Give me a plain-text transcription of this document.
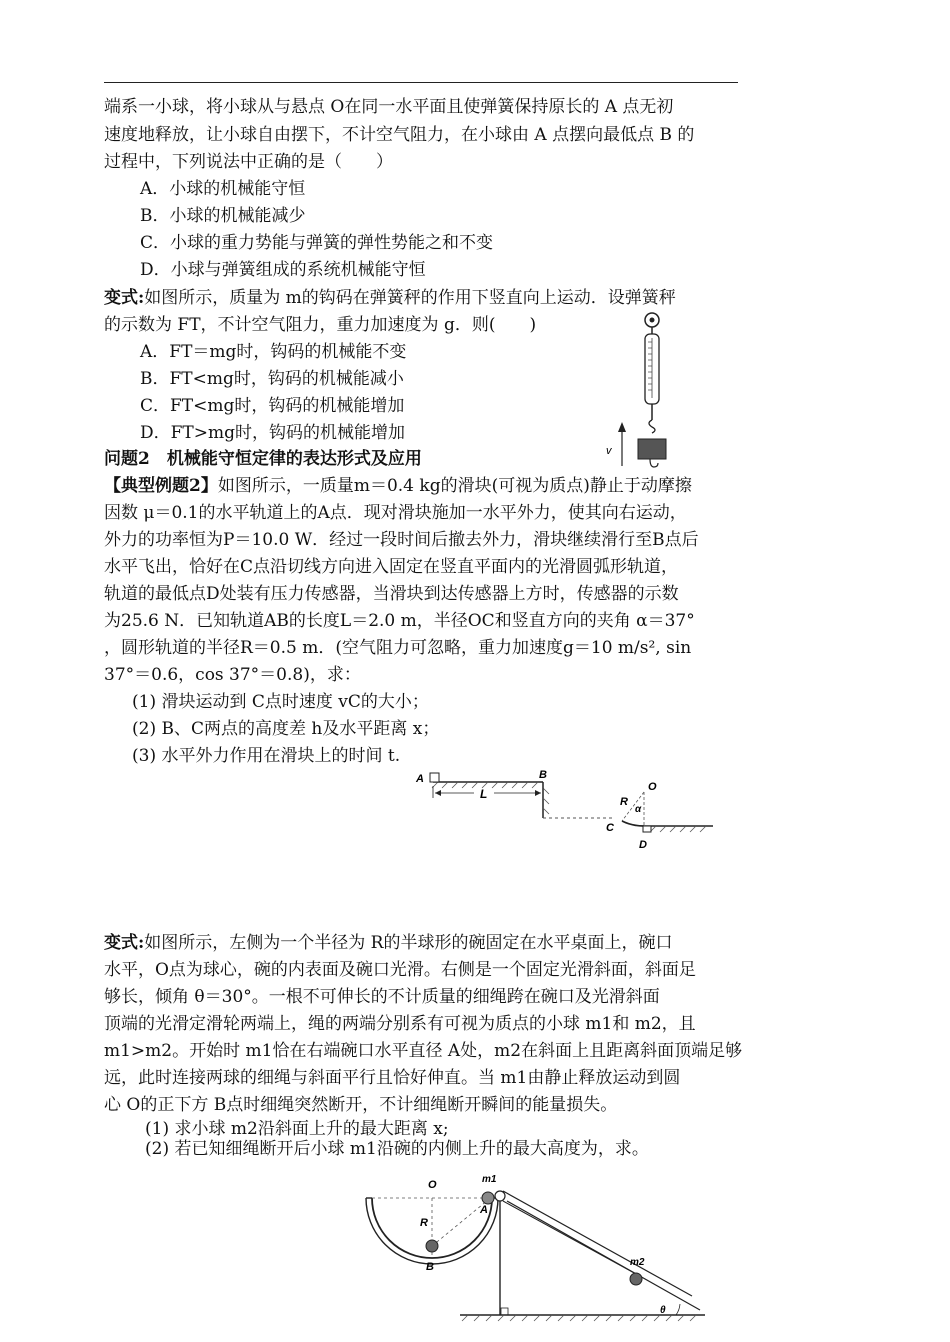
端系一小球，将小球从与悬点 O在同一水平面且使弹簧保持原长的 A 点无初
速度地释放，让小球自由摆下，不计空气阻力，在小球由 A 点摆向最低点 B 的
过程中，下列说法中正确的是（　　）
A．小球的机械能守恒
B．小球的机械能减少
C．小球的重力势能与弹簧的弹性势能之和不变
D．小球与弹簧组成的系统机械能守恒
变式:如图所示，质量为 m的钩码在弹簧秤的作用下竖直向上运动．设弹簧秤
的示数为 FT，不计空气阻力，重力加速度为 g．则(　　)
A．FT＝mg时，钩码的机械能不变
B．FT<mg时，钩码的机械能减小
C．FT<mg时，钩码的机械能增加
D．FT>mg时，钩码的机械能增加
v
问题2　机械能守恒定律的表达形式及应用
【典型例题2】如图所示，一质量m＝0.4 kg的滑块(可视为质点)静止于动摩擦
因数 μ＝0.1的水平轨道上的A点．现对滑块施加一水平外力，使其向右运动，
外力的功率恒为P＝10.0 W．经过一段时间后撤去外力，滑块继续滑行至B点后
水平飞出，恰好在C点沿切线方向进入固定在竖直平面内的光滑圆弧形轨道，
轨道的最低点D处装有压力传感器，当滑块到达传感器上方时，传感器的示数
为25.6 N．已知轨道AB的长度L＝2.0 m，半径OC和竖直方向的夹角 α＝37°
，圆形轨道的半径R＝0.5 m．(空气阻力可忽略，重力加速度g＝10 m/s², sin
37°＝0.6，cos 37°＝0.8)，求：
(1) 滑块运动到 C点时速度 vC的大小；
(2) B、C两点的高度差 h及水平距离 x；
(3) 水平外力作用在滑块上的时间 t.
L
A	B
O
R
α
C
D
变式:如图所示，左侧为一个半径为 R的半球形的碗固定在水平桌面上，碗口
水平，O点为球心，碗的内表面及碗口光滑。右侧是一个固定光滑斜面，斜面足
够长，倾角 θ＝30°。一根不可伸长的不计质量的细绳跨在碗口及光滑斜面
顶端的光滑定滑轮两端上，绳的两端分别系有可视为质点的小球 m1和 m2，且
m1>m2。开始时 m1恰在右端碗口水平直径 A处，m2在斜面上且距离斜面顶端足够
远，此时连接两球的细绳与斜面平行且恰好伸直。当 m1由静止释放运动到圆
心 O的正下方 B点时细绳突然断开，不计细绳断开瞬间的能量损失。
(1) 求小球 m2沿斜面上升的最大距离 x;
(2) 若已知细绳断开后小球 m1沿碗的内侧上升的最大高度为，求。
O
R
A
B
m1
m2
θ
